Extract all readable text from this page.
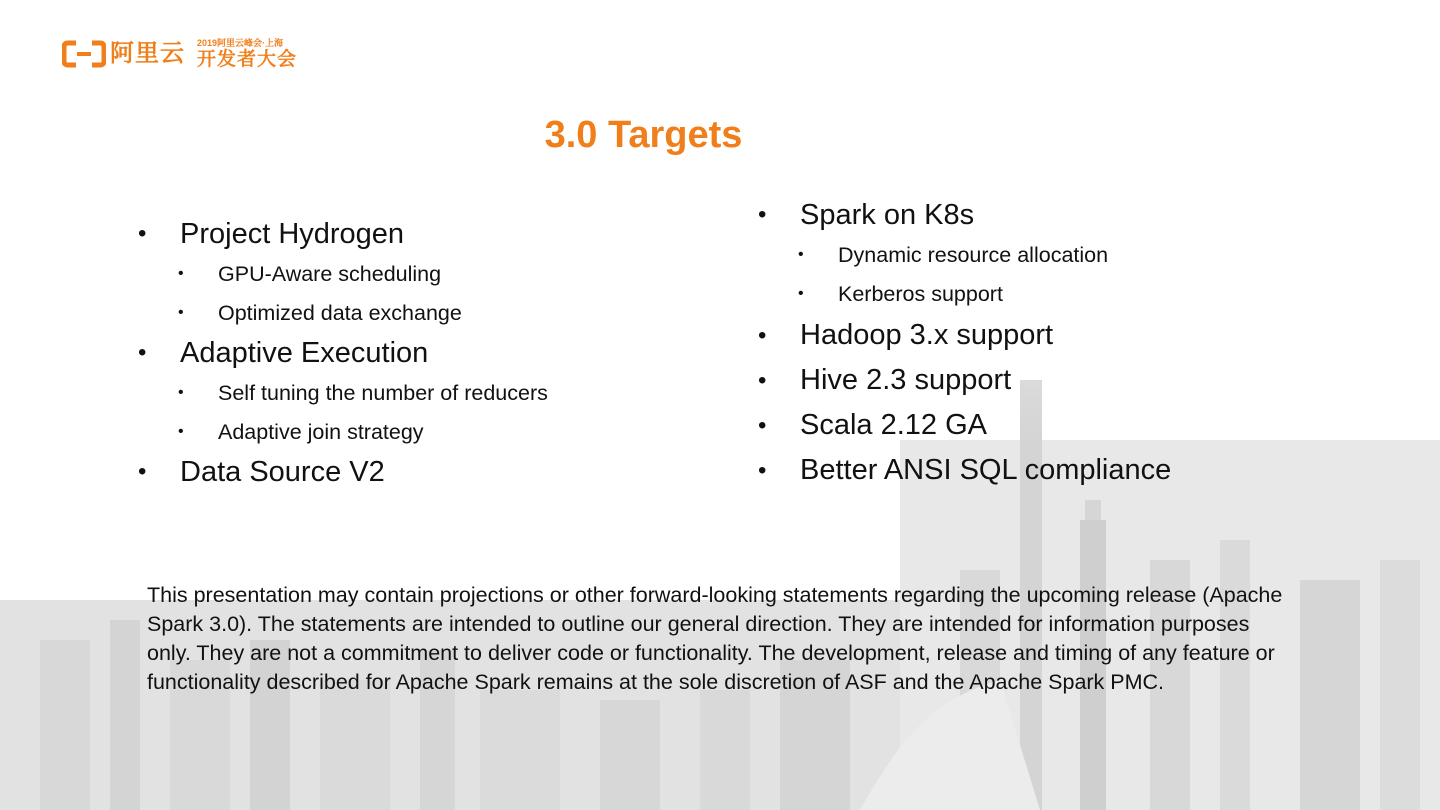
阿里云 2019阿里云峰会·上海
开发者大会
3.0 Targets
• Project Hydrogen
• GPU-Aware scheduling
• Optimized data exchange
• Adaptive Execution
• Self tuning the number of reducers
• Adaptive join strategy
• Data Source V2
• Spark on K8s
• Dynamic resource allocation
• Kerberos support
• Hadoop 3.x support
• Hive 2.3 support
• Scala 2.12 GA
• Better ANSI SQL compliance
This presentation may contain projections or other forward-looking statements regarding the upcoming release (Apache Spark 3.0). The statements are intended to outline our general direction. They are intended for information purposes only. They are not a commitment to deliver code or functionality. The development, release and timing of any feature or functionality described for Apache Spark remains at the sole discretion of ASF and the Apache Spark PMC.
